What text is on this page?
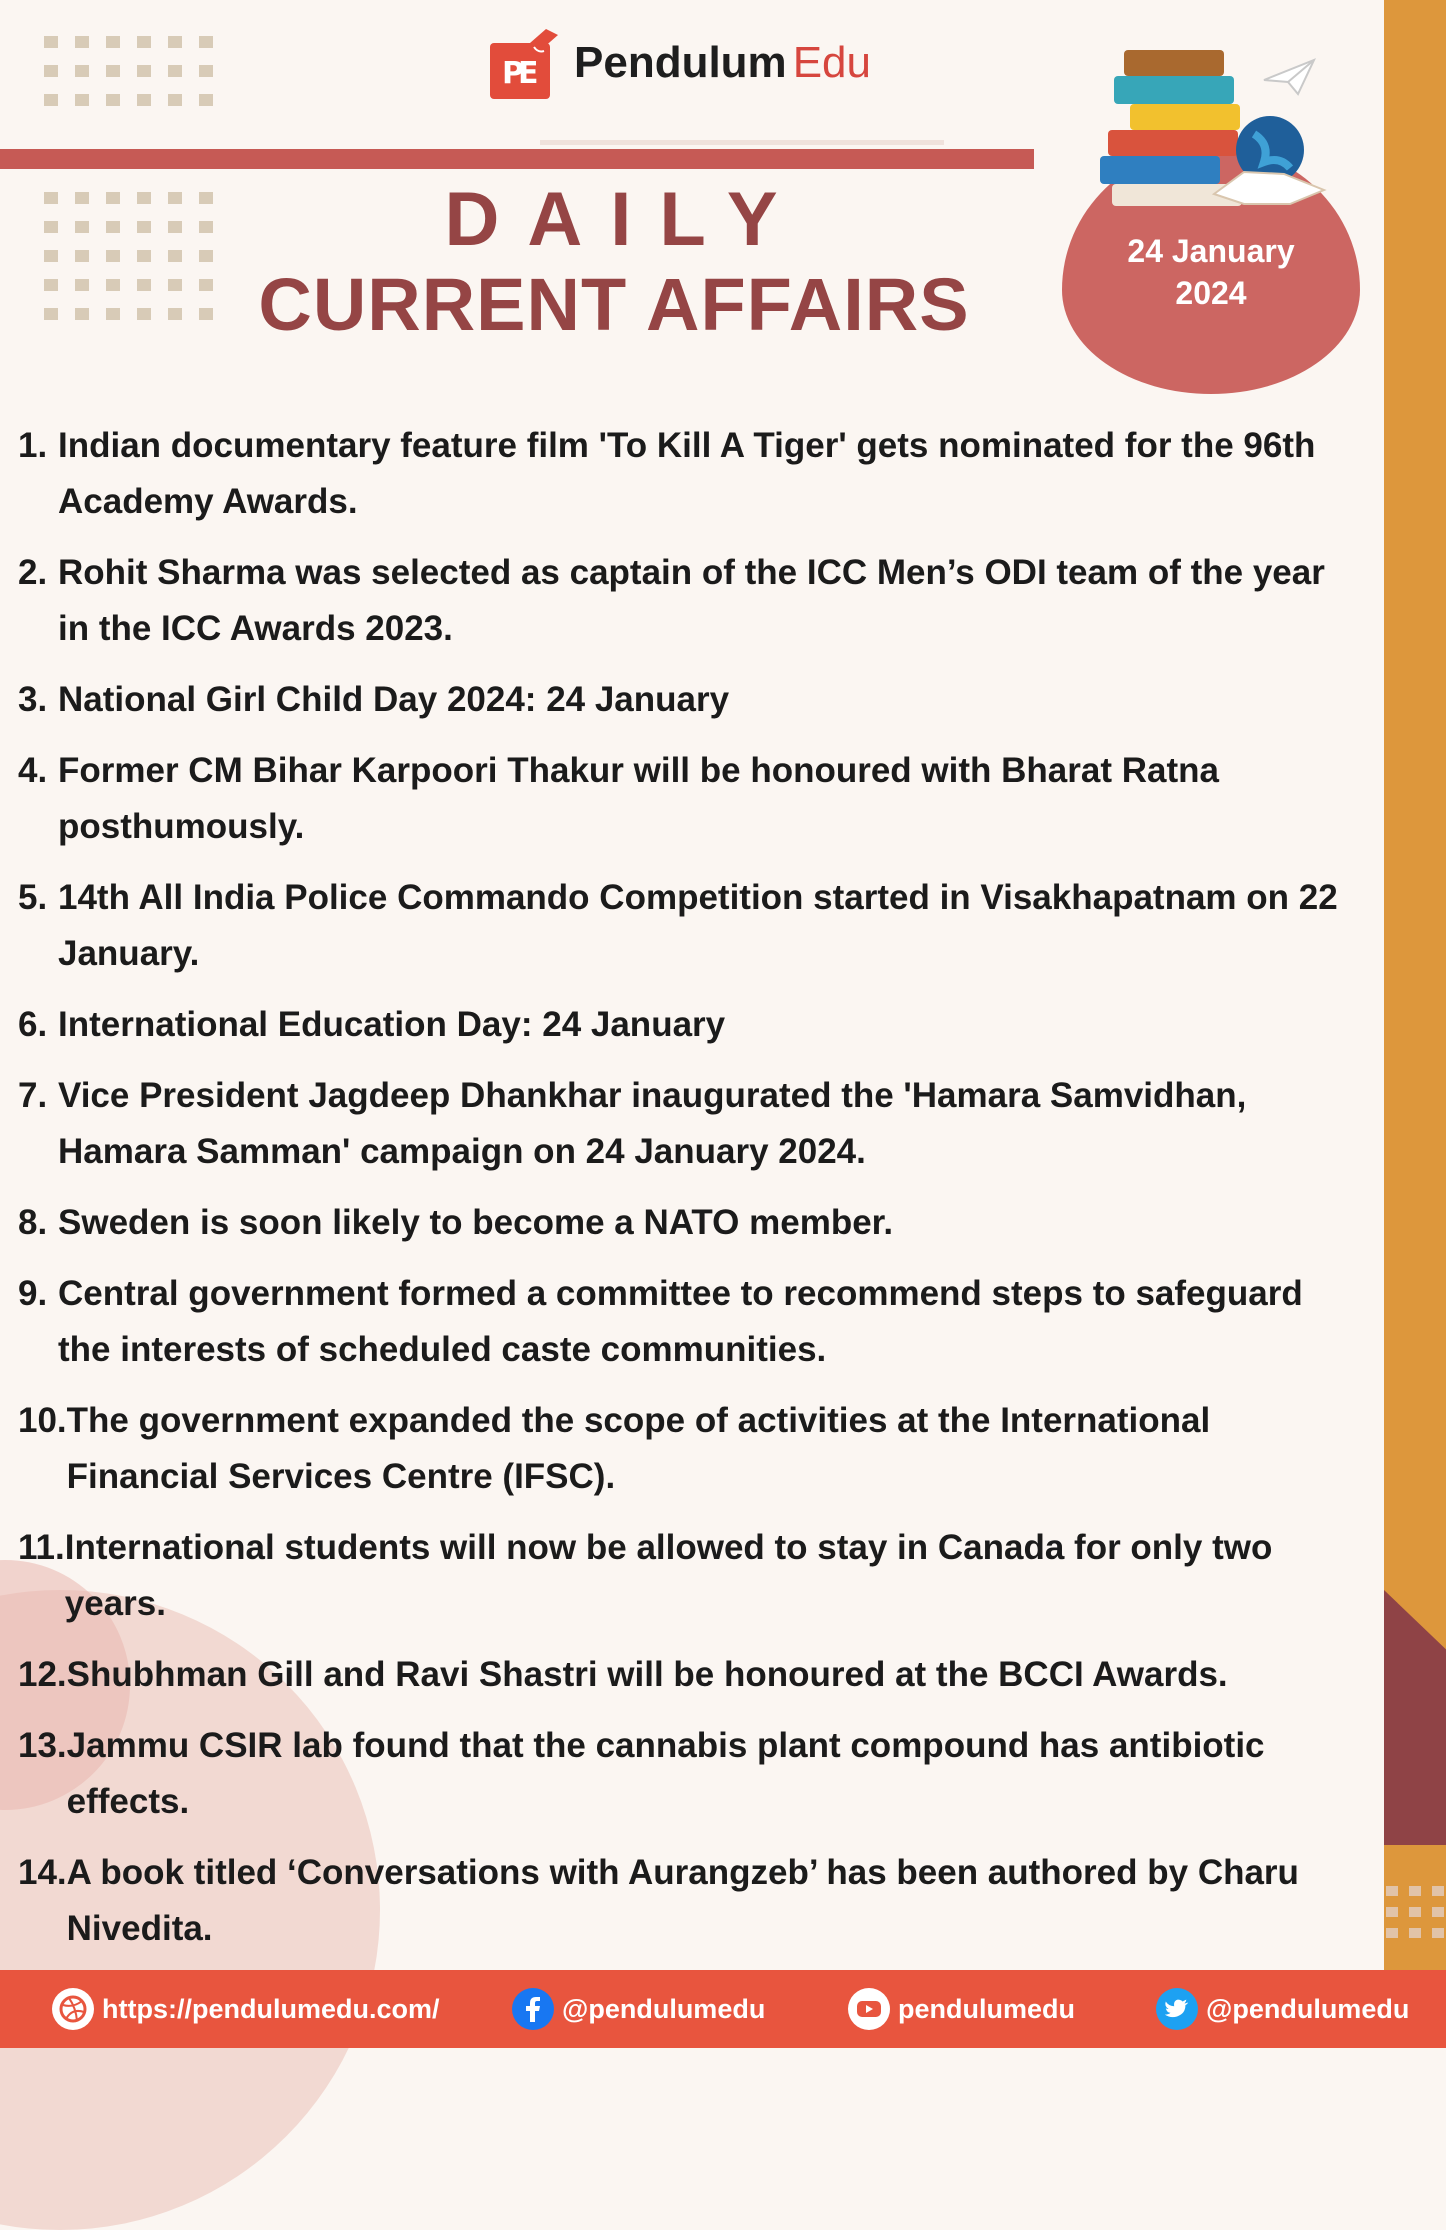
PE Pendulum Edu
DAILY
CURRENT AFFAIRS
24 January
2024
1. Indian documentary feature film 'To Kill A Tiger' gets nominated for the 96th Academy Awards.
2. Rohit Sharma was selected as captain of the ICC Men’s ODI team of the year in the ICC Awards 2023.
3. National Girl Child Day 2024: 24 January
4. Former CM Bihar Karpoori Thakur will be honoured with Bharat Ratna posthumously.
5. 14th All India Police Commando Competition started in Visakhapatnam on 22 January.
6. International Education Day: 24 January
7. Vice President Jagdeep Dhankhar inaugurated the 'Hamara Samvidhan, Hamara Samman' campaign on 24 January 2024.
8. Sweden is soon likely to become a NATO member.
9. Central government formed a committee to recommend steps to safeguard the interests of scheduled caste communities.
10. The government expanded the scope of activities at the International Financial Services Centre (IFSC).
11. International students will now be allowed to stay in Canada for only two years.
12. Shubhman Gill and Ravi Shastri will be honoured at the BCCI Awards.
13. Jammu CSIR lab found that the cannabis plant compound has antibiotic effects.
14. A book titled ‘Conversations with Aurangzeb’ has been authored by Charu Nivedita.
https://pendulumedu.com/	@pendulumedu	pendulumedu	@pendulumedu
